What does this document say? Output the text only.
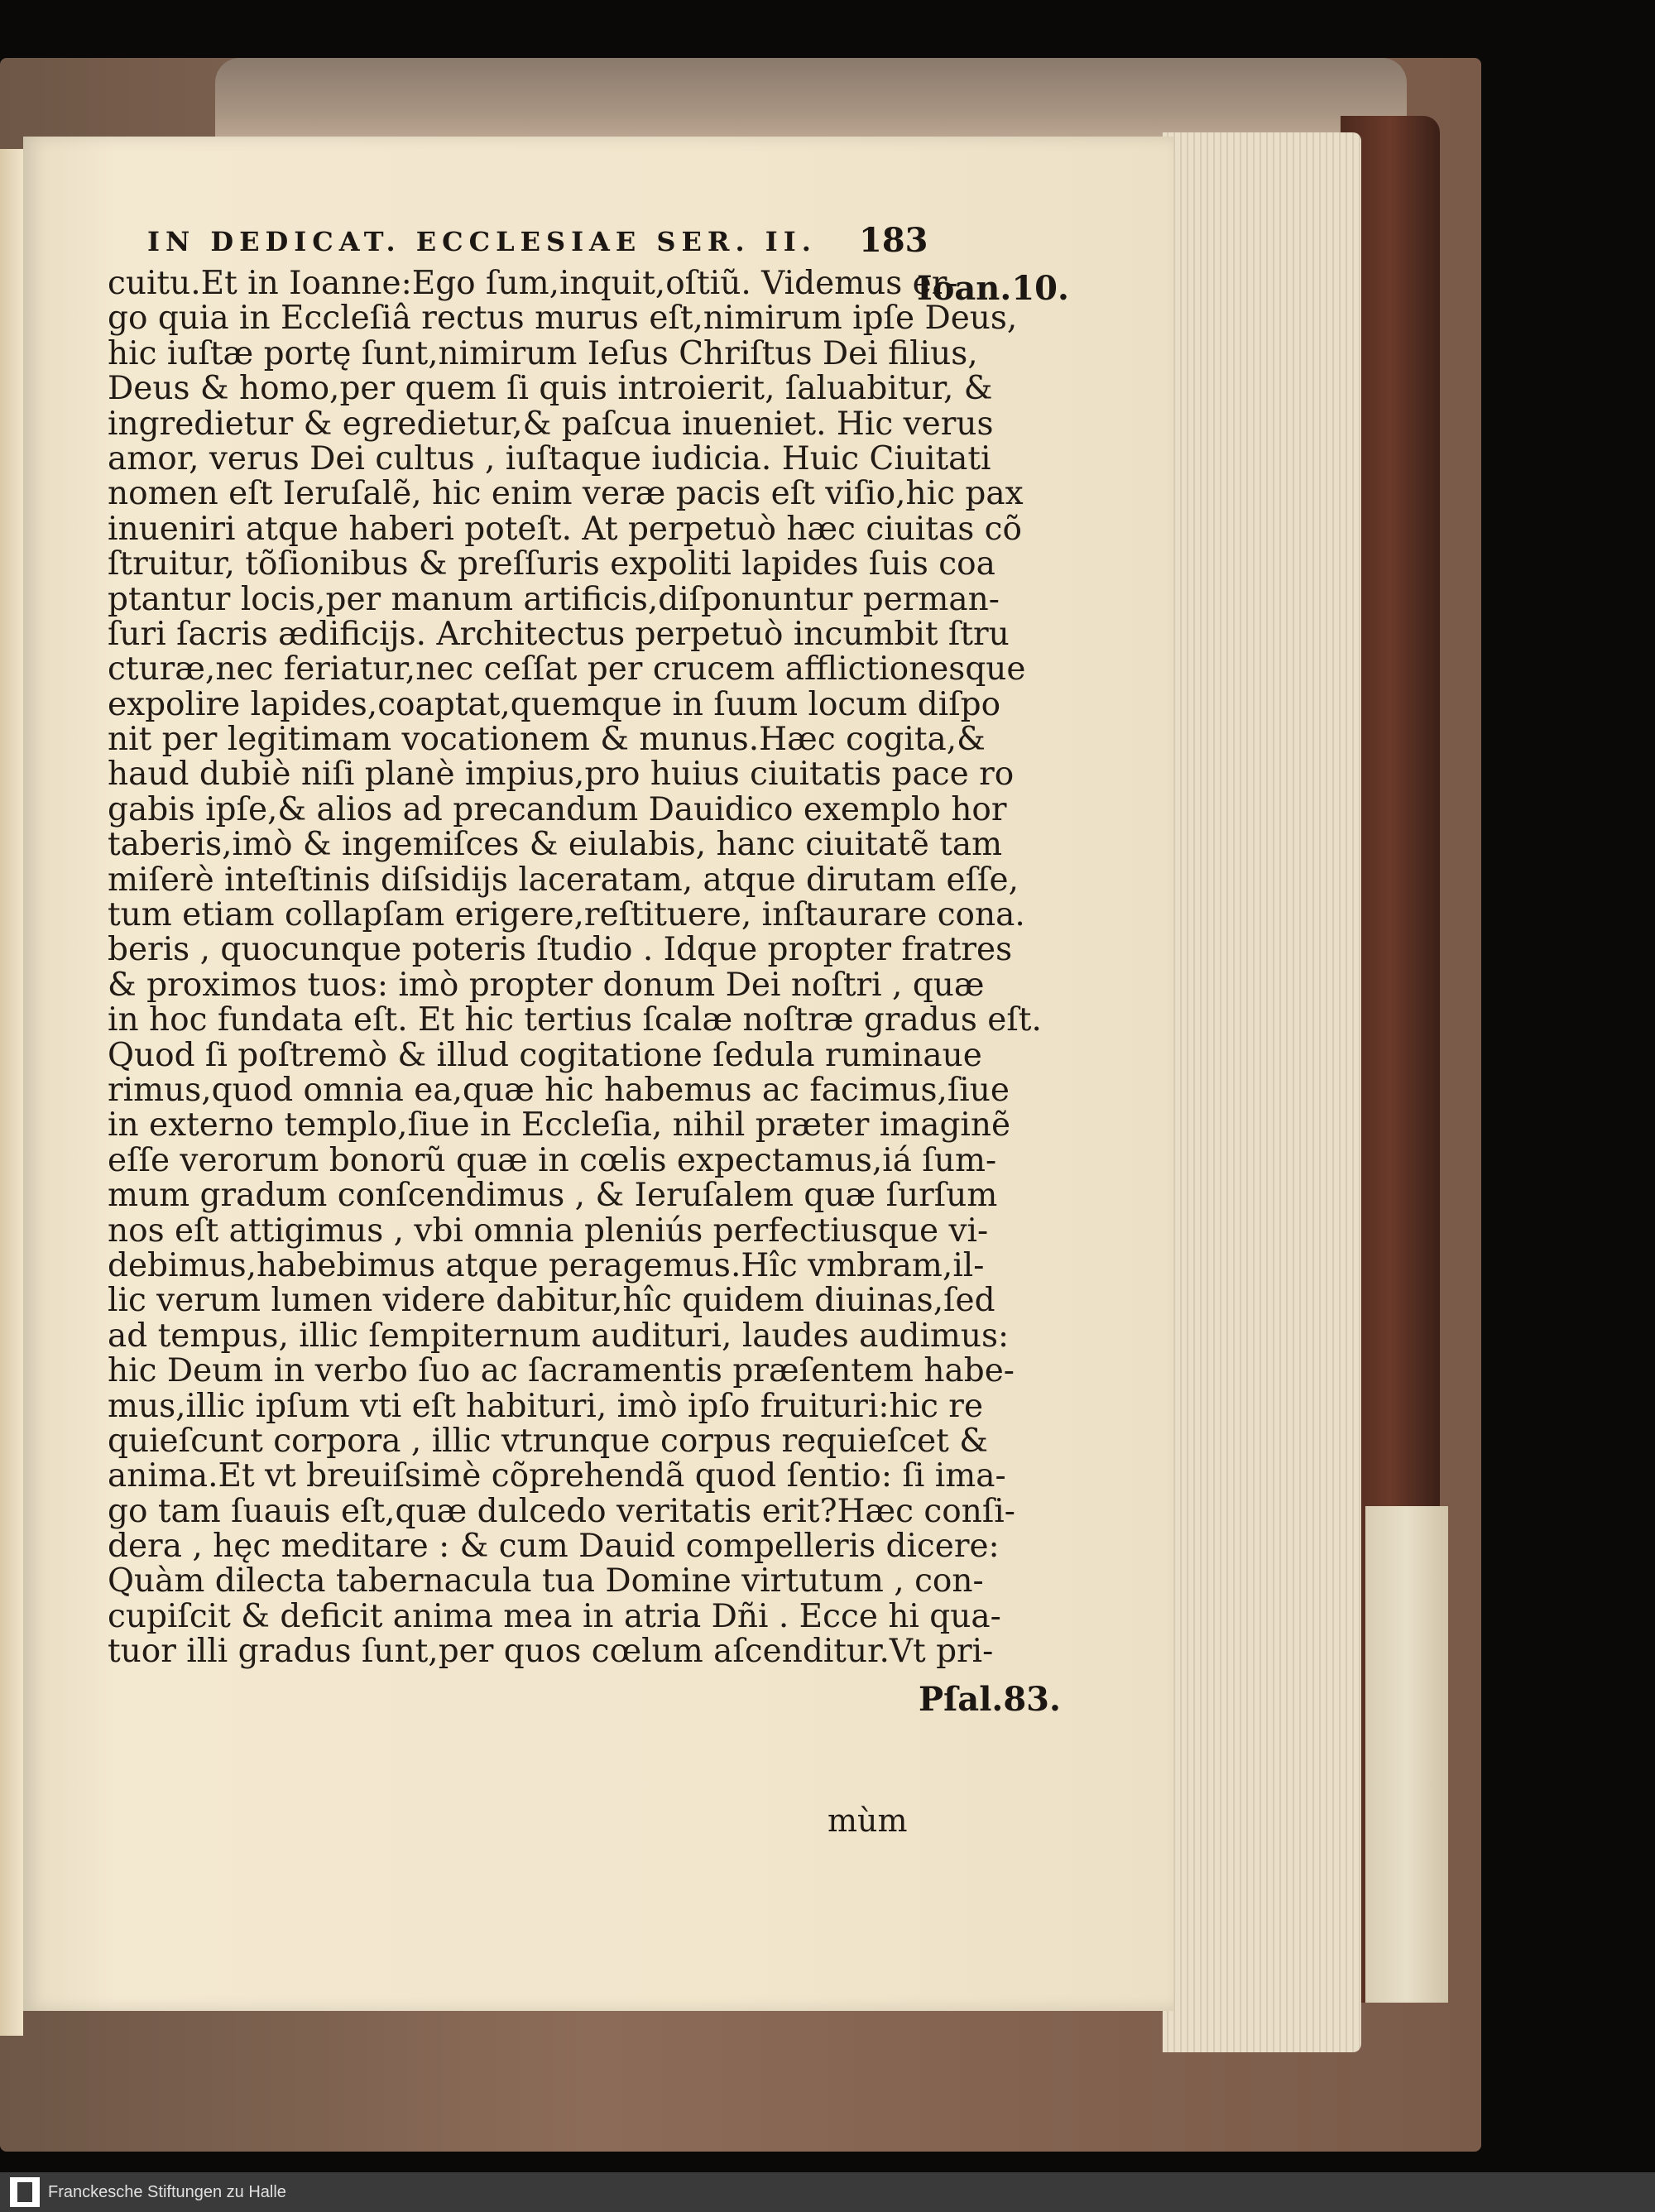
IN DEDICAT. ECCLESIAE SER. II.	183
cuitu.Et in Ioanne:Ego ſum,inquit,oſtiũ. Videmus er-
go quia in Eccleſiâ rectus murus eſt,nimirum ipſe Deus,
hic iuſtæ portę ſunt,nimirum Ieſus Chriſtus Dei filius,
Deus & homo,per quem ſi quis introierit, ſaluabitur, &
ingredietur & egredietur,& paſcua inueniet. Hic verus
amor, verus Dei cultus , iuſtaque iudicia. Huic Ciuitati
nomen eſt Ieruſalẽ, hic enim veræ pacis eſt viſio,hic pax
inueniri atque haberi poteſt. At perpetuò hæc ciuitas cõ
ſtruitur, tõſionibus & preſſuris expoliti lapides ſuis coa
ptantur locis,per manum artificis,diſponuntur perman-
ſuri ſacris ædificijs. Architectus perpetuò incumbit ſtru
cturæ,nec feriatur,nec ceſſat per crucem afflictionesque
expolire lapides,coaptat,quemque in ſuum locum diſpo
nit per legitimam vocationem & munus.Hæc cogita,&
haud dubiè niſi planè impius,pro huius ciuitatis pace ro
gabis ipſe,& alios ad precandum Dauidico exemplo hor
taberis,imò & ingemiſces & eiulabis, hanc ciuitatẽ tam
miſerè inteſtinis diſsidijs laceratam, atque dirutam eſſe,
tum etiam collapſam erigere,reſtituere, inſtaurare cona.
beris , quocunque poteris ſtudio . Idque propter fratres
& proximos tuos: imò propter donum Dei noſtri , quæ
in hoc fundata eſt. Et hic tertius ſcalæ noſtræ gradus eſt.
Quod ſi poſtremò & illud cogitatione ſedula ruminaue
rimus,quod omnia ea,quæ hic habemus ac facimus,ſiue
in externo templo,ſiue in Eccleſia, nihil præter imaginẽ
eſſe verorum bonorũ quæ in cœlis expectamus,iá ſum-
mum gradum conſcendimus , & Ieruſalem quæ ſurſum
nos eſt attigimus , vbi omnia pleniús perfectiusque vi-
debimus,habebimus atque peragemus.Hîc vmbram,il-
lic verum lumen videre dabitur,hîc quidem diuinas,ſed
ad tempus, illic ſempiternum audituri, laudes audimus:
hic Deum in verbo ſuo ac ſacramentis præſentem habe-
mus,illic ipſum vti eſt habituri, imò ipſo fruituri:hic re
quieſcunt corpora , illic vtrunque corpus requieſcet &
anima.Et vt breuiſsimè cõprehendã quod ſentio: ſi ima-
go tam ſuauis eſt,quæ dulcedo veritatis erit?Hæc conſi-
dera , hęc meditare : & cum Dauid compelleris dicere:
Quàm dilecta tabernacula tua Domine virtutum , con-
cupiſcit & deficit anima mea in atria Dñi . Ecce hi qua-
tuor illi gradus ſunt,per quos cœlum aſcenditur.Vt pri-
mùm
Ioan.10.
Pſal.83.
Franckesche Stiftungen zu Halle
